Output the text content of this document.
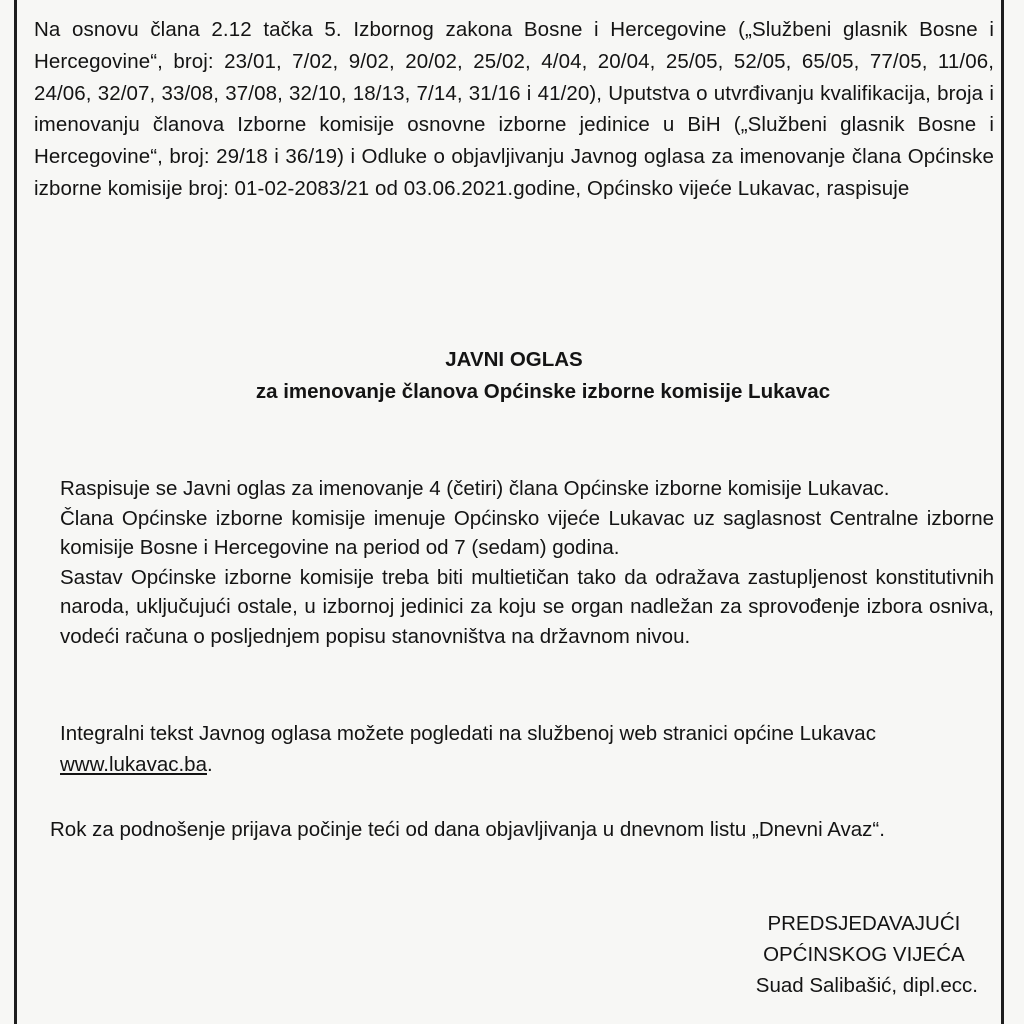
Na osnovu člana 2.12 tačka 5. Izbornog zakona Bosne i Hercegovine („Službeni glasnik Bosne i Hercegovine“, broj: 23/01, 7/02, 9/02, 20/02, 25/02, 4/04, 20/04, 25/05, 52/05, 65/05, 77/05, 11/06, 24/06, 32/07, 33/08, 37/08, 32/10, 18/13, 7/14, 31/16 i 41/20), Uputstva o utvrđivanju kvalifikacija, broja i imenovanju članova Izborne komisije osnovne izborne jedinice u BiH („Službeni glasnik Bosne i Hercegovine“, broj: 29/18 i 36/19) i Odluke o objavljivanju Javnog oglasa za imenovanje člana Općinske izborne komisije broj: 01-02-2083/21 od 03.06.2021.godine, Općinsko vijeće Lukavac, raspisuje
JAVNI OGLAS
za imenovanje članova Općinske izborne komisije Lukavac

Raspisuje se Javni oglas za imenovanje 4 (četiri) člana Općinske izborne komisije Lukavac.

Člana Općinske izborne komisije imenuje Općinsko vijeće Lukavac uz saglasnost Centralne izborne komisije Bosne i Hercegovine na period od 7 (sedam) godina.

Sastav Općinske izborne komisije treba biti multietičan tako da odražava zastupljenost konstitutivnih naroda, uključujući ostale, u izbornoj jedinici za koju se organ nadležan za sprovođenje izbora osniva, vodeći računa o posljednjem popisu stanovništva na državnom nivou.

Integralni tekst Javnog oglasa možete pogledati na službenoj web stranici općine Lukavac www.lukavac.ba.
Rok za podnošenje prijava počinje teći od dana objavljivanja u dnevnom listu „Dnevni Avaz“.
PREDSJEDAVAJUĆI
OPĆINSKOG VIJEĆA
Suad Salibašić, dipl.ecc.
